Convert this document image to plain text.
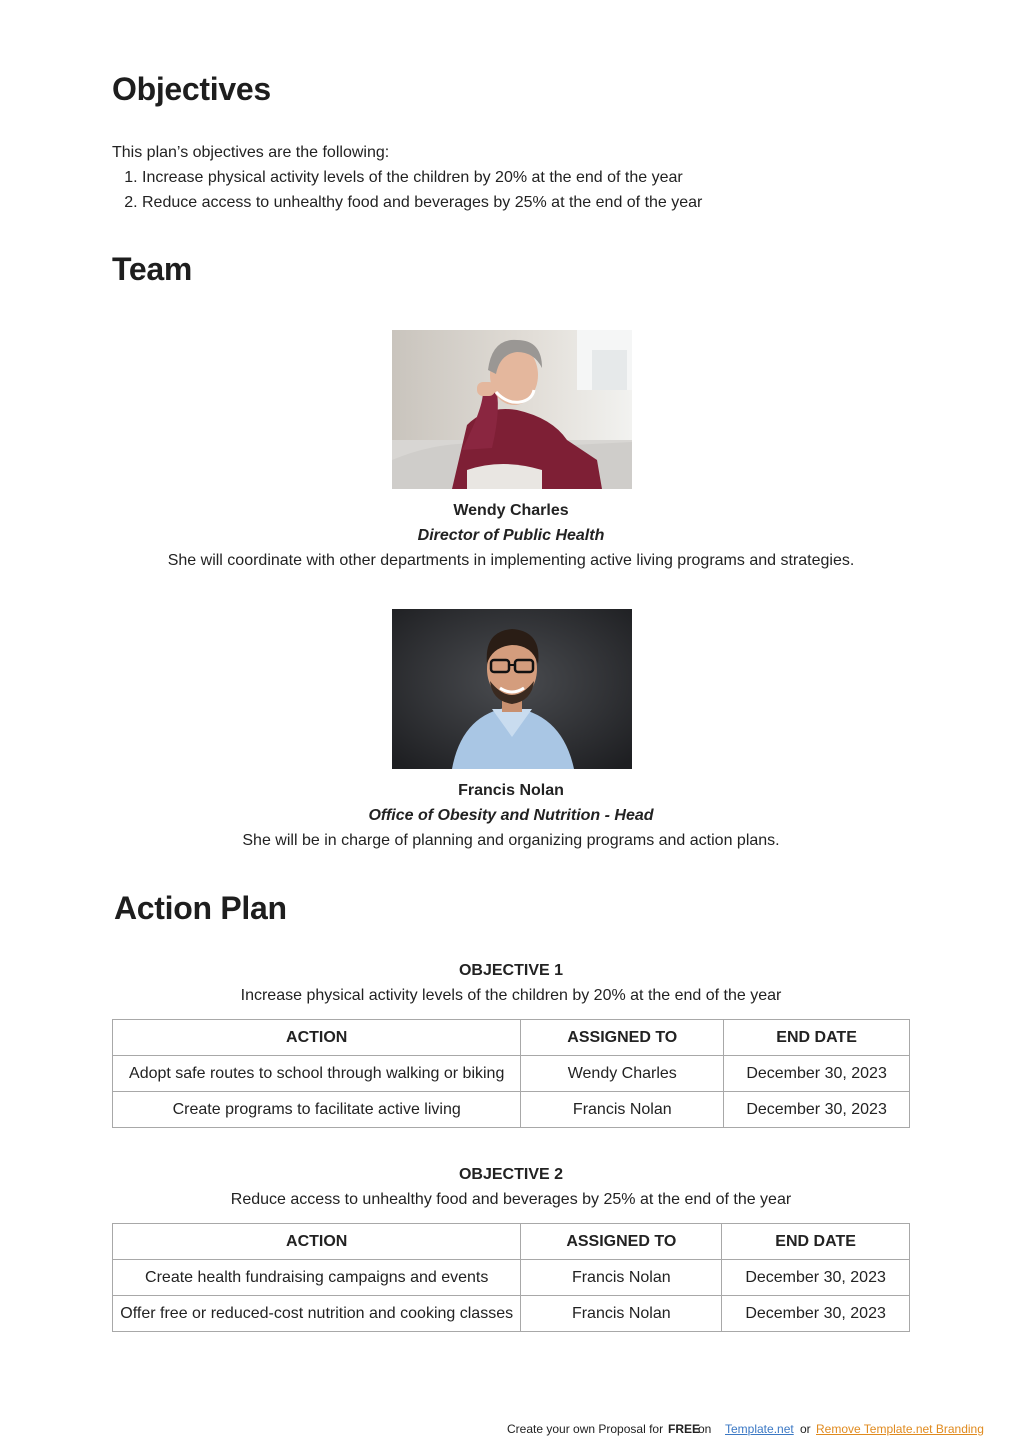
Objectives

This plan’s objectives are the following:

1. Increase physical activity levels of the children by 20% at the end of the year
2. Reduce access to unhealthy food and beverages by 25% at the end of the year
Team

Wendy Charles

Director of Public Health

She will coordinate with other departments in implementing active living programs and strategies.

Francis Nolan

Office of Obesity and Nutrition - Head

She will be in charge of planning and organizing programs and action plans.

Action Plan

OBJECTIVE 1

Increase physical activity levels of the children by 20% at the end of the year

ACTION	ASSIGNED TO	END DATE
Adopt safe routes to school through walking or biking	Wendy Charles	December 30, 2023
Create programs to facilitate active living	Francis Nolan	December 30, 2023

OBJECTIVE 2

Reduce access to unhealthy food and beverages by 25% at the end of the year

ACTION	ASSIGNED TO	END DATE
Create health fundraising campaigns and events	Francis Nolan	December 30, 2023
Offer free or reduced-cost nutrition and cooking classes	Francis Nolan	December 30, 2023
Create your own Proposal for FREE
on Template.net or Remove Template.net Branding
